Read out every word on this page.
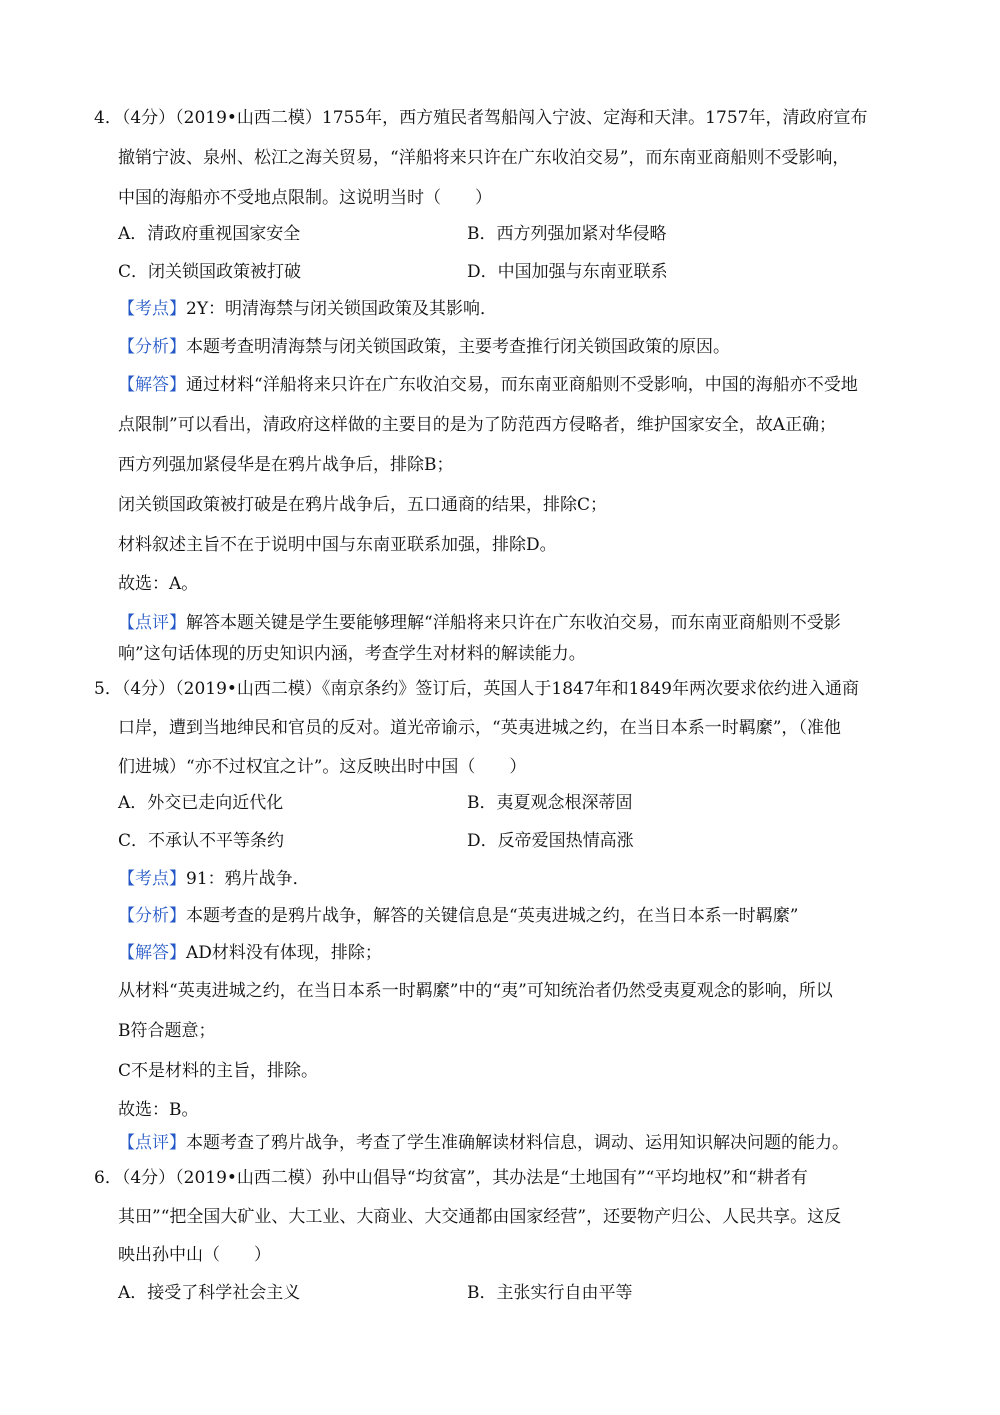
4．（4分）（2019•山西二模）1755年，西方殖民者驾船闯入宁波、定海和天津。1757年，清政府宣布
撤销宁波、泉州、松江之海关贸易，“洋船将来只许在广东收泊交易”，而东南亚商船则不受影响，
中国的海船亦不受地点限制。这说明当时（　　）
A．清政府重视国家安全	B．西方列强加紧对华侵略
C．闭关锁国政策被打破	D．中国加强与东南亚联系
【考点】2Y：明清海禁与闭关锁国政策及其影响．
【分析】本题考查明清海禁与闭关锁国政策，主要考查推行闭关锁国政策的原因。
【解答】通过材料“洋船将来只许在广东收泊交易，而东南亚商船则不受影响，中国的海船亦不受地
点限制”可以看出，清政府这样做的主要目的是为了防范西方侵略者，维护国家安全，故A正确；
西方列强加紧侵华是在鸦片战争后，排除B；
闭关锁国政策被打破是在鸦片战争后，五口通商的结果，排除C；
材料叙述主旨不在于说明中国与东南亚联系加强，排除D。
故选：A。
【点评】解答本题关键是学生要能够理解“洋船将来只许在广东收泊交易，而东南亚商船则不受影
响”这句话体现的历史知识内涵，考查学生对材料的解读能力。
5．（4分）（2019•山西二模）《南京条约》签订后，英国人于1847年和1849年两次要求依约进入通商
口岸，遭到当地绅民和官员的反对。道光帝谕示，“英夷进城之约，在当日本系一时羁縻”，（准他
们进城）“亦不过权宜之计”。这反映出时中国（　　）
A．外交已走向近代化	B．夷夏观念根深蒂固
C．不承认不平等条约	D．反帝爱国热情高涨
【考点】91：鸦片战争．
【分析】本题考查的是鸦片战争，解答的关键信息是“英夷进城之约，在当日本系一时羁縻”
【解答】AD材料没有体现，排除；
从材料“英夷进城之约，在当日本系一时羁縻”中的“夷”可知统治者仍然受夷夏观念的影响，所以
B符合题意；
C不是材料的主旨，排除。
故选：B。
【点评】本题考查了鸦片战争，考查了学生准确解读材料信息，调动、运用知识解决问题的能力。
6．（4分）（2019•山西二模）孙中山倡导“均贫富”，其办法是“土地国有”“平均地权”和“耕者有
其田”“把全国大矿业、大工业、大商业、大交通都由国家经营”，还要物产归公、人民共享。这反
映出孙中山（　　）
A．接受了科学社会主义	B．主张实行自由平等
